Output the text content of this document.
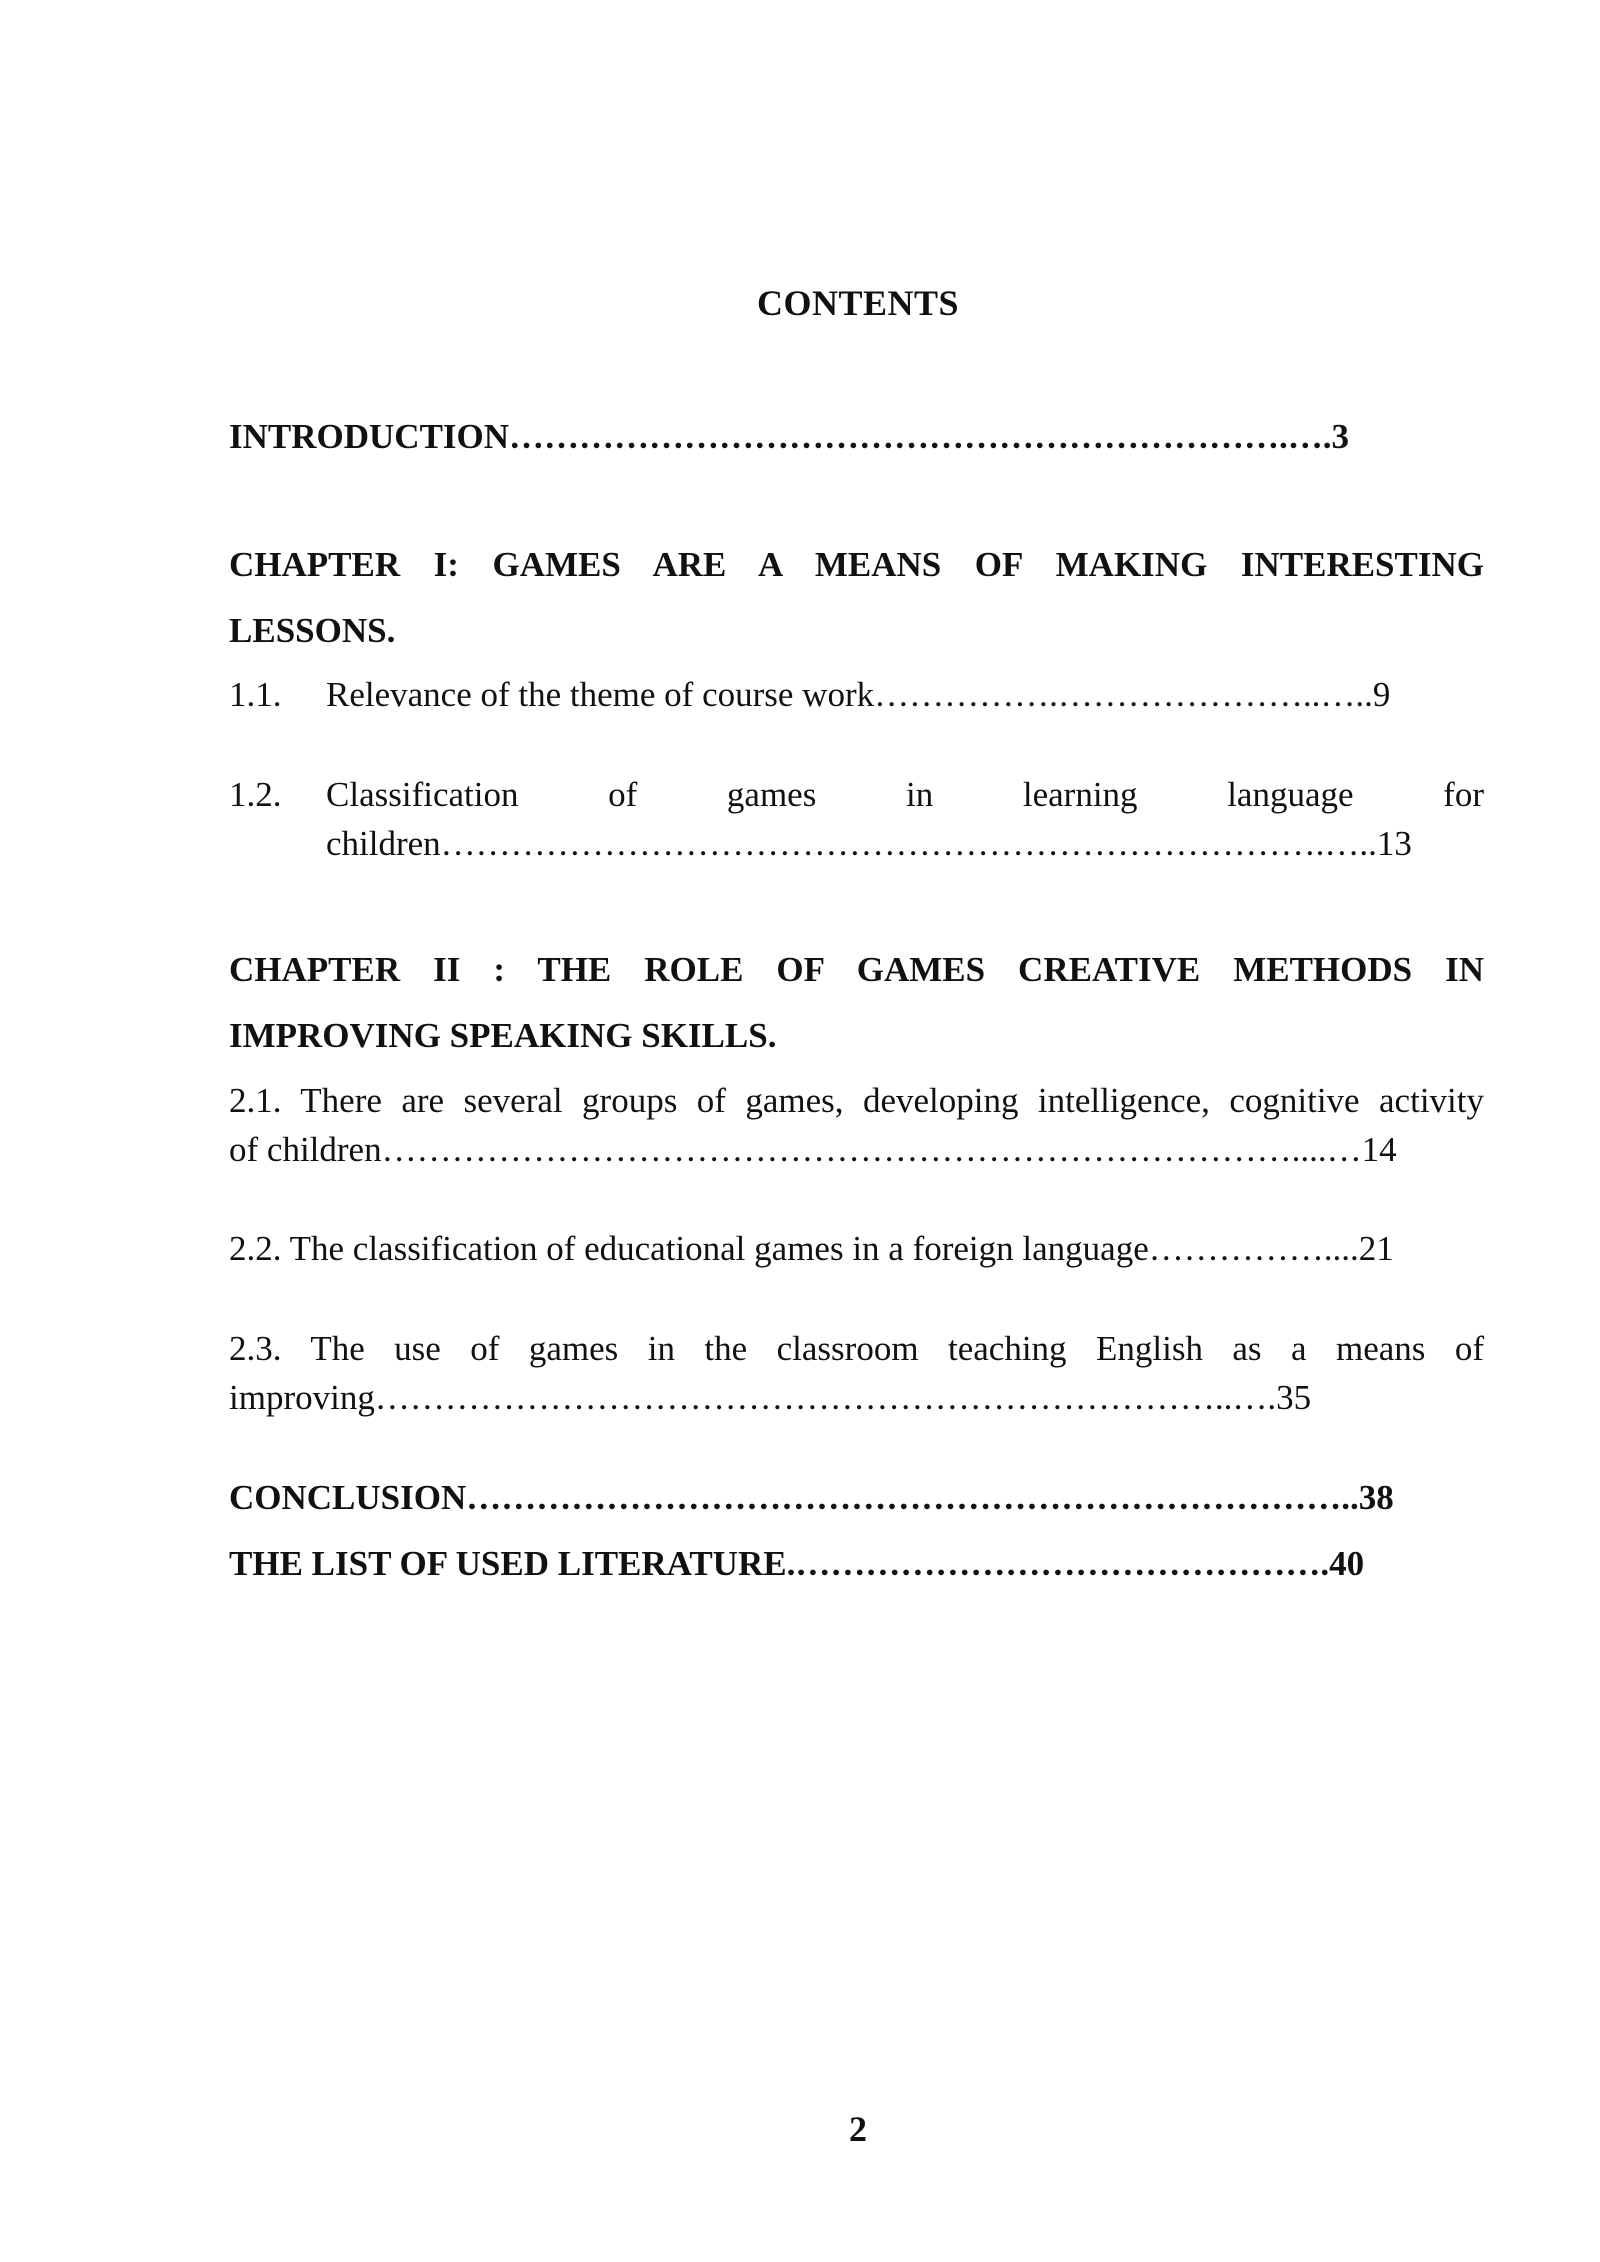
CONTENTS
INTRODUCTION………………………………………………………….….3
CHAPTER I: GAMES ARE A MEANS OF MAKING INTERESTING
LESSONS.
1.1. Relevance of the theme of course work…………….…………………..…..9
1.2.	Classification of games in learning language for
children………………………………………………………………….…..13
CHAPTER II : THE ROLE OF GAMES CREATIVE METHODS IN
IMPROVING SPEAKING SKILLS.
2.1. There are several groups of games, developing intelligence, cognitive activity
of children……………………………………………………………………....…14
2.2. The classification of educational games in a foreign language……………....21
2.3. The use of games in the classroom teaching English as a means of
improving………………………………………………………………..….35
CONCLUSION…………………………………………………………………..38
THE LIST OF USED LITERATURE.……………………………………….40
2
